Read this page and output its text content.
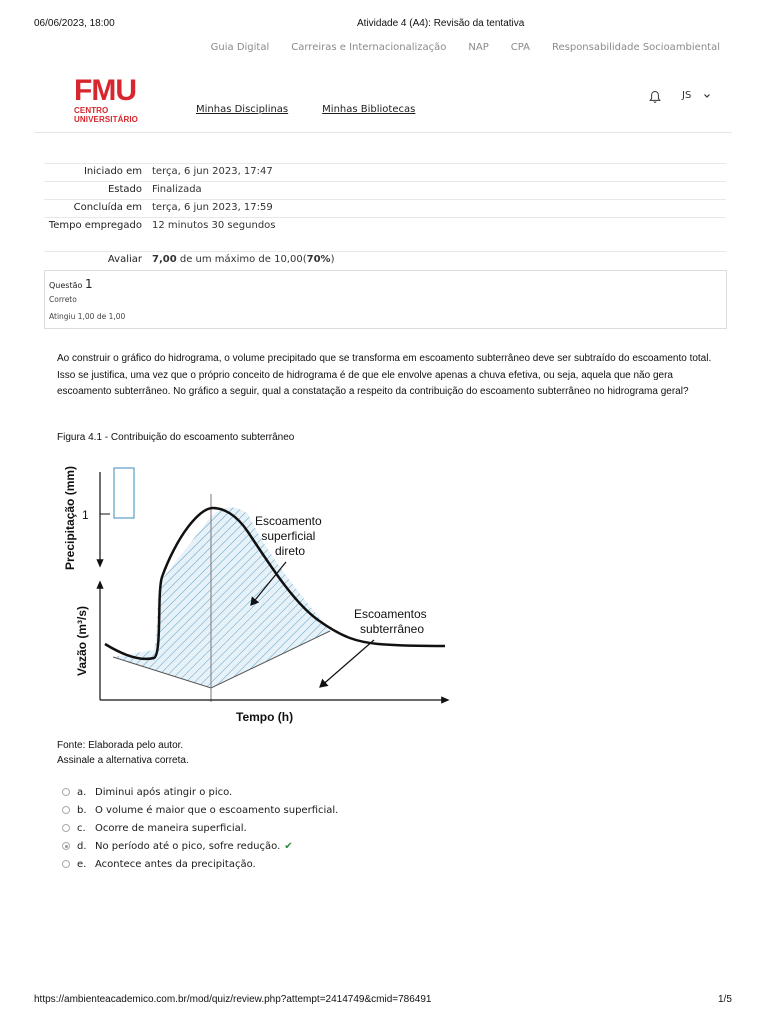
06/06/2023, 18:00	Atividade 4 (A4): Revisão da tentativa
Guia Digital Carreiras e Internacionalização NAP CPA Responsabilidade Socioambiental
FMU
CENTRO UNIVERSITÁRIO
Minhas Disciplinas	Minhas Bibliotecas
JS
Iniciado em	terça, 6 jun 2023, 17:47
Estado	Finalizada
Concluída em	terça, 6 jun 2023, 17:59
Tempo empregado	12 minutos 30 segundos
Avaliar	7,00 de um máximo de 10,00(70%)
Questão 1
Correto
Atingiu 1,00 de 1,00
Ao construir o gráfico do hidrograma, o volume precipitado que se transforma em escoamento subterrâneo deve ser subtraído do escoamento total. Isso se justifica, uma vez que o próprio conceito de hidrograma é de que ele envolve apenas a chuva efetiva, ou seja, aquela que não gera escoamento subterrâneo. No gráfico a seguir, qual a constatação a respeito da contribuição do escoamento subterrâneo no hidrograma geral?
Figura 4.1 - Contribuição do escoamento subterrâneo
1
Precipitação (mm)
Vazão (m³/s)
Tempo (h)
Escoamento superficial direto
Escoamentos subterrâneo
Fonte: Elaborada pelo autor.
Assinale a alternativa correta.
a. Diminui após atingir o pico.
b. O volume é maior que o escoamento superficial.
c. Ocorre de maneira superficial.
d. No período até o pico, sofre redução. ✔
e. Acontece antes da precipitação.
https://ambienteacademico.com.br/mod/quiz/review.php?attempt=2414749&cmid=786491	1/5
